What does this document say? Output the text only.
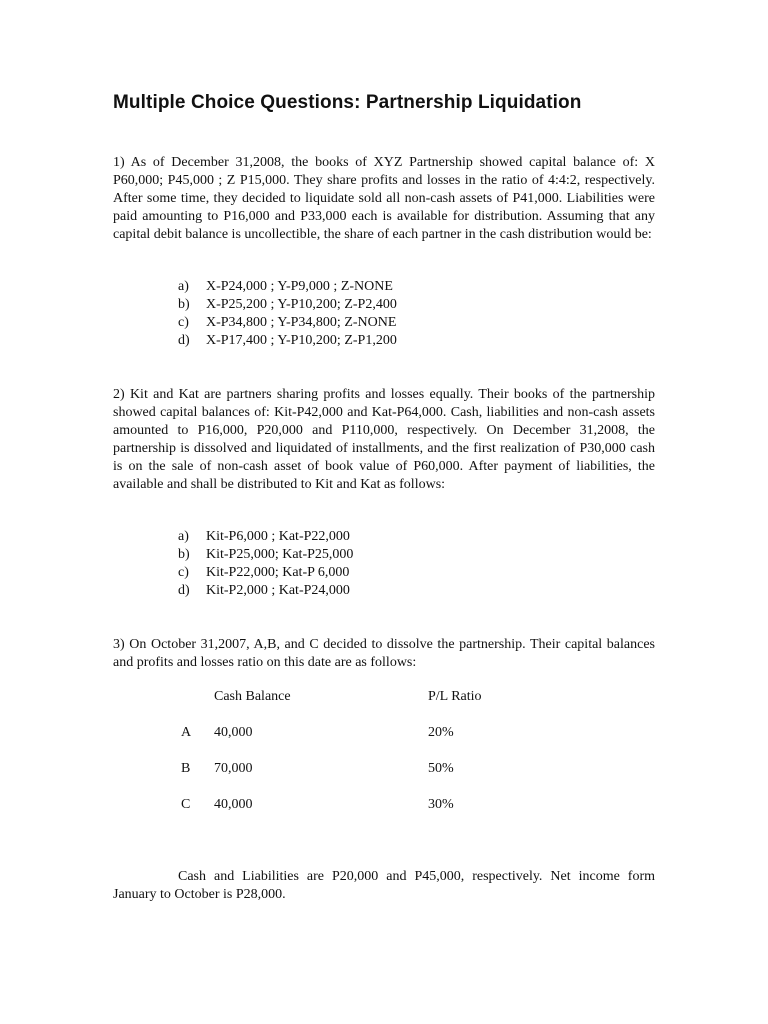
Multiple Choice Questions: Partnership Liquidation

1) As of December 31,2008, the books of XYZ Partnership showed capital balance of: X P60,000; P45,000 ; Z P15,000. They share profits and losses in the ratio of 4:4:2, respectively. After some time, they decided to liquidate sold all non-cash assets of P41,000. Liabilities were paid amounting to P16,000 and P33,000 each is available for distribution. Assuming that any capital debit balance is uncollectible, the share of each partner in the cash distribution would be:

a)	X-P24,000 ; Y-P9,000 ; Z-NONE
b)	X-P25,200 ; Y-P10,200; Z-P2,400
c)	X-P34,800 ; Y-P34,800; Z-NONE
d)	X-P17,400 ; Y-P10,200; Z-P1,200

2) Kit and Kat are partners sharing profits and losses equally. Their books of the partnership showed capital balances of: Kit-P42,000 and Kat-P64,000. Cash, liabilities and non-cash assets amounted to P16,000, P20,000 and P110,000, respectively. On December 31,2008, the partnership is dissolved and liquidated of installments, and the first realization of P30,000 cash is on the sale of non-cash asset of book value of P60,000. After payment of liabilities, the available and shall be distributed to Kit and Kat as follows:

a)	Kit-P6,000 ; Kat-P22,000
b)	Kit-P25,000; Kat-P25,000
c)	Kit-P22,000; Kat-P 6,000
d)	Kit-P2,000 ; Kat-P24,000

3) On October 31,2007, A,B, and C decided to dissolve the partnership. Their capital balances and profits and losses ratio on this date are as follows:

Cash Balance	P/L Ratio
A 40,000	20%
B 70,000	50%
C 40,000	30%

Cash and Liabilities are P20,000 and P45,000, respectively. Net income form January to October is P28,000.
